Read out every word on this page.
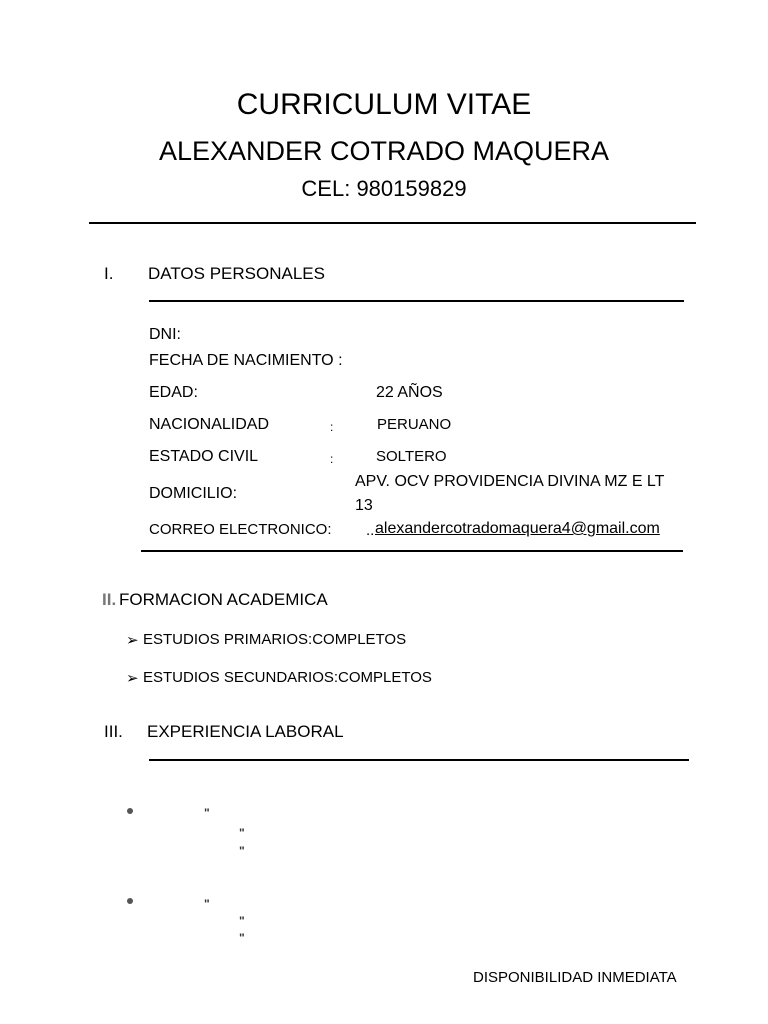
CURRICULUM VITAE
ALEXANDER COTRADO MAQUERA
CEL: 980159829
I. DATOS PERSONALES
DNI:
FECHA DE NACIMIENTO :
EDAD:	22 AÑOS
NACIONALIDAD	:	PERUANO
ESTADO CIVIL	:	SOLTERO
DOMICILIO:
APV. OCV PROVIDENCIA DIVINA MZ E LT
13
CORREO ELECTRONICO: .. alexandercotradomaquera4@gmail.com
II. FORMACION ACADEMICA
➢ ESTUDIOS PRIMARIOS:COMPLETOS
➢ ESTUDIOS SECUNDARIOS:COMPLETOS
III. EXPERIENCIA LABORAL
"
"
"
"
"
"
DISPONIBILIDAD INMEDIATA
